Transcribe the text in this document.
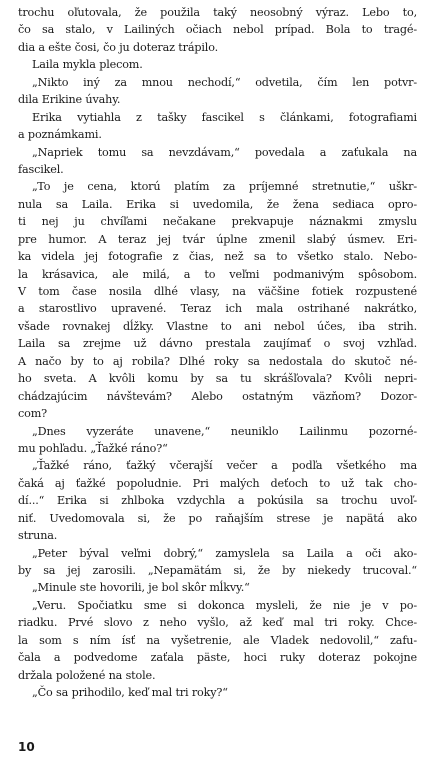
trochu oľutovala, že použila taký neosobný výraz. Lebo to,
čo sa stalo, v Lailiných očiach nebol prípad. Bola to tragé-
dia a ešte čosi, čo ju doteraz trápilo.
Laila mykla plecom.
„Nikto iný za mnou nechodí,“ odvetila, čím len potvr-
dila Erikine úvahy.
Erika vytiahla z tašky fascikel s článkami, fotografiami
a poznámkami.
„Napriek tomu sa nevzdávam,“ povedala a zaťukala na
fascikel.
„To je cena, ktorú platím za príjemné stretnutie,“ uškr-
nula sa Laila. Erika si uvedomila, že žena sediaca opro-
ti nej ju chvíľami nečakane prekvapuje náznakmi zmyslu
pre humor. A teraz jej tvár úplne zmenil slabý úsmev. Eri-
ka videla jej fotografie z čias, než sa to všetko stalo. Nebo-
la krásavica, ale milá, a to veľmi podmanivým spôsobom.
V tom čase nosila dlhé vlasy, na väčšine fotiek rozpustené
a starostlivo upravené. Teraz ich mala ostrihané nakrátko,
všade rovnakej dĺžky. Vlastne to ani nebol účes, iba strih.
Laila sa zrejme už dávno prestala zaujímať o svoj vzhľad.
A načo by to aj robila? Dlhé roky sa nedostala do skutoč né-
ho sveta. A kvôli komu by sa tu skrášľovala? Kvôli nepri-
chádzajúcim návštevám? Alebo ostatným väzňom? Dozor-
com?
„Dnes vyzeráte unavene,“ neuniklo Lailinmu pozorné-
mu pohľadu. „Ťažké ráno?“
„Ťažké ráno, ťažký včerajší večer a podľa všetkého ma
čaká aj ťažké popoludnie. Pri malých deťoch to už tak cho-
dí...“ Erika si zhlboka vzdychla a pokúsila sa trochu uvoľ-
niť. Uvedomovala si, že po raňajším strese je napätá ako
struna.
„Peter býval veľmi dobrý,“ zamyslela sa Laila a oči ako-
by sa jej zarosili. „Nepamätám si, že by niekedy trucoval.“
„Minule ste hovorili, je bol skôr mĺkvy.“
„Veru. Spočiatku sme si dokonca mysleli, že nie je v po-
riadku. Prvé slovo z neho vyšlo, až keď mal tri roky. Chce-
la som s ním ísť na vyšetrenie, ale Vladek nedovolil,“ zafu-
čala a podvedome zaťala päste, hoci ruky doteraz pokojne
držala položené na stole.
„Čo sa prihodilo, keď mal tri roky?“
10
